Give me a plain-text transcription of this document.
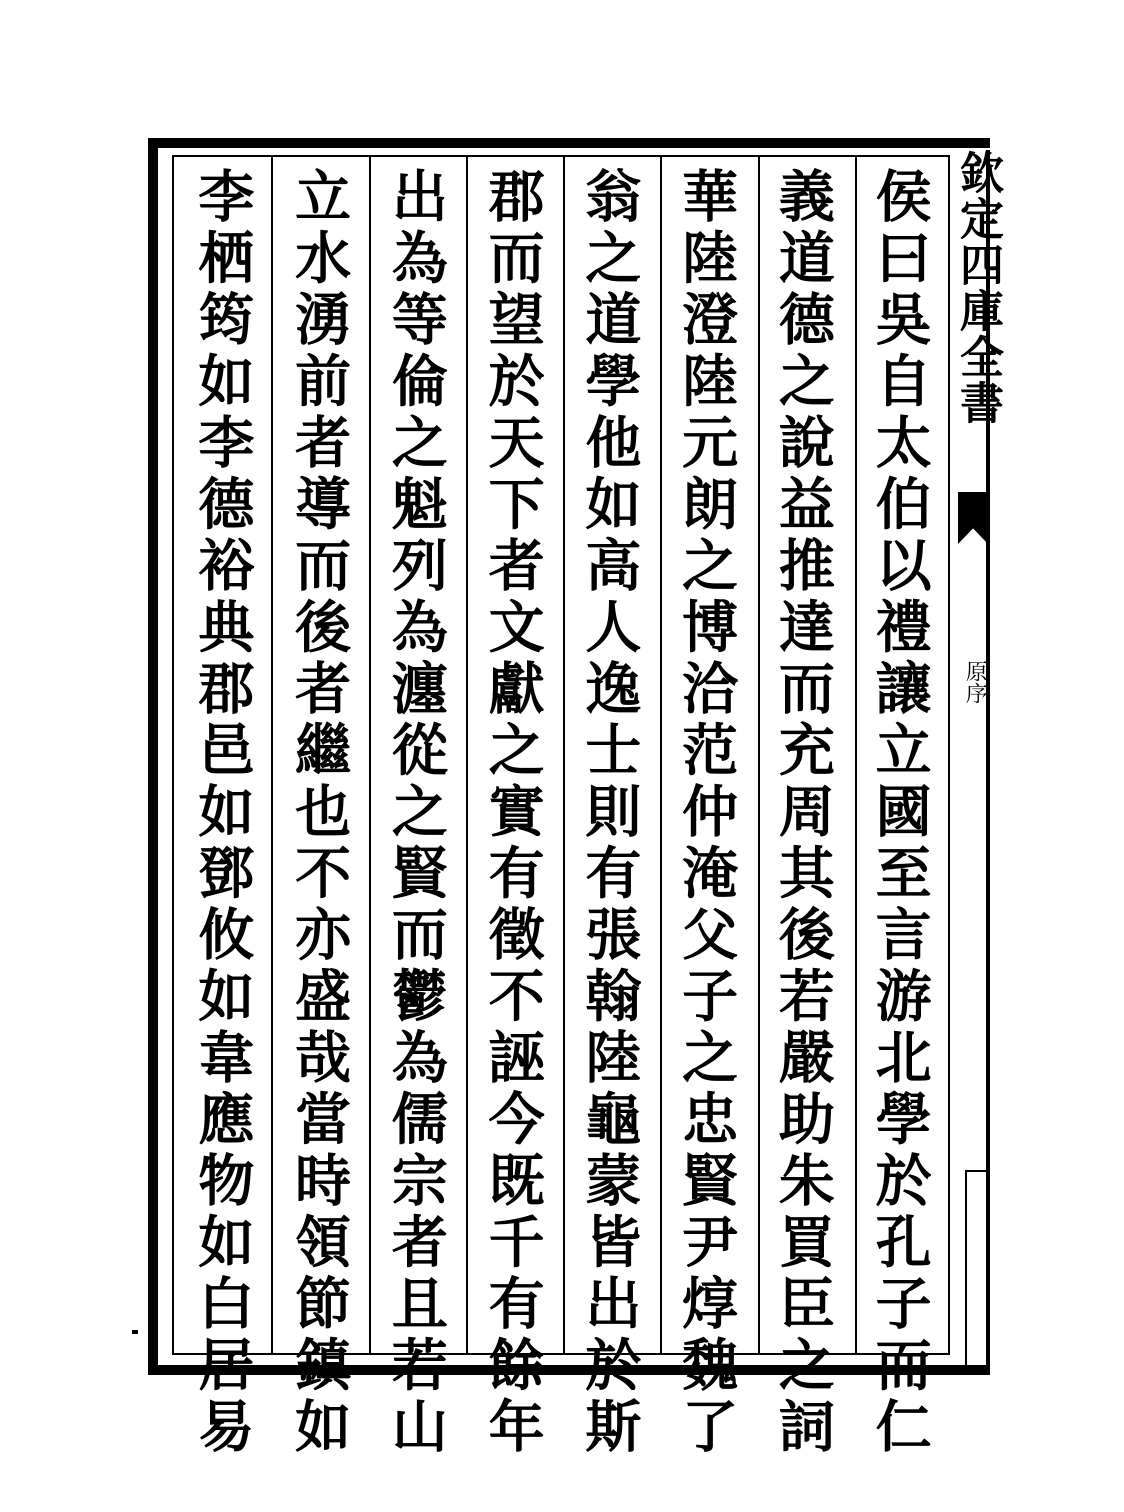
侯曰吳自太伯以禮讓立國至言游北學於孔子而仁
義道德之說益推達而充周其後若嚴助朱買臣之詞
華陸澄陸元朗之博洽范仲淹父子之忠賢尹焞魏了
翁之道學他如高人逸士則有張翰陸龜蒙皆出於斯
郡而望於天下者文獻之實有徵不誣今既千有餘年
出為等倫之魁列為瀍從之賢而鬱為儒宗者且若山
立水湧前者導而後者繼也不亦盛哉當時領節鎮如
李栖筠如李德裕典郡邑如鄧攸如韋應物如白居易	欽定四庫全書
原序
